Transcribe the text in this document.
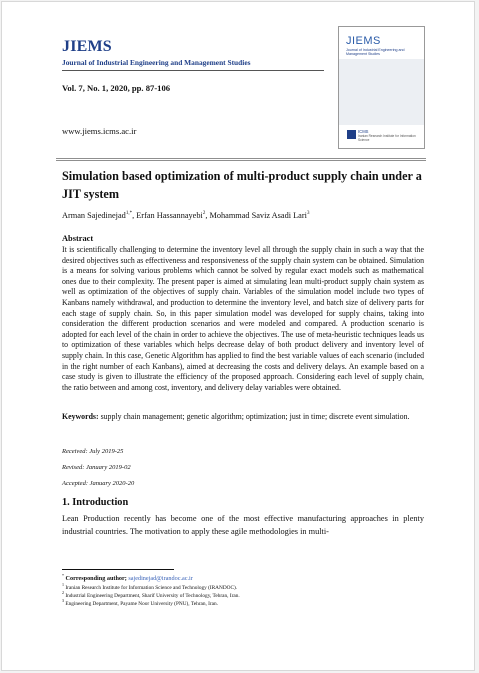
JIEMS
Journal of Industrial Engineering and Management Studies
Vol. 7, No. 1, 2020, pp. 87-106
www.jiems.icms.ac.ir
JIEMS
Journal of Industrial Engineering and Management Studies
ICMS
Iranian Research Institute for Information Science
Simulation based optimization of multi-product supply chain under a JIT system
Arman Sajedinejad$^{1,*}$, Erfan Hassannayebi$^2$, Mohammad Saviz Asadi Lari$^3$
Abstract
It is scientifically challenging to determine the inventory level all through the supply chain in such a way that the desired objectives such as effectiveness and responsiveness of the supply chain system can be obtained. Simulation is a means for solving various problems which cannot be solved by regular exact models such as mathematical ones due to their complexity. The present paper is aimed at simulating lean multi-product supply chain system as well as optimization of the objectives of supply chain. Variables of the simulation model include two types of Kanbans namely withdrawal, and production to determine the inventory level, and batch size of delivery parts for each stage of supply chain. So, in this paper simulation model was developed for supply chains, taking into consideration the different production scenarios and were modeled and compared. A production scenario is adopted for each level of the chain in order to achieve the objectives. The use of meta-heuristic techniques leads us to optimization of these variables which helps decrease delay of both product delivery and inventory level of supply chain. In this case, Genetic Algorithm has applied to find the best variable values of each scenario (included in the right number of each Kanbans), aimed at decreasing the costs and delivery delays. An example based on a case study is given to illustrate the efficiency of the proposed approach. Considering each level of supply chain, the ratio between and among cost, inventory, and delivery delay variables were obtained.
Keywords: supply chain management; genetic algorithm; optimization; just in time; discrete event simulation.
Received: July 2019-25
Revised: January 2019-02
Accepted: January 2020-20
1. Introduction
Lean Production recently has become one of the most effective manufacturing approaches in plenty industrial countries. The motivation to apply these agile methodologies in multi-
* Corresponding author; sajedinejad@irandoc.ac.ir
$^1$ Iranian Research Institute for Information Science and Technology (IRANDOC).
$^2$ Industrial Engineering Department, Sharif University of Technology, Tehran, Iran.
$^3$ Engineering Department, Payame Noor University (PNU), Tehran, Iran.
